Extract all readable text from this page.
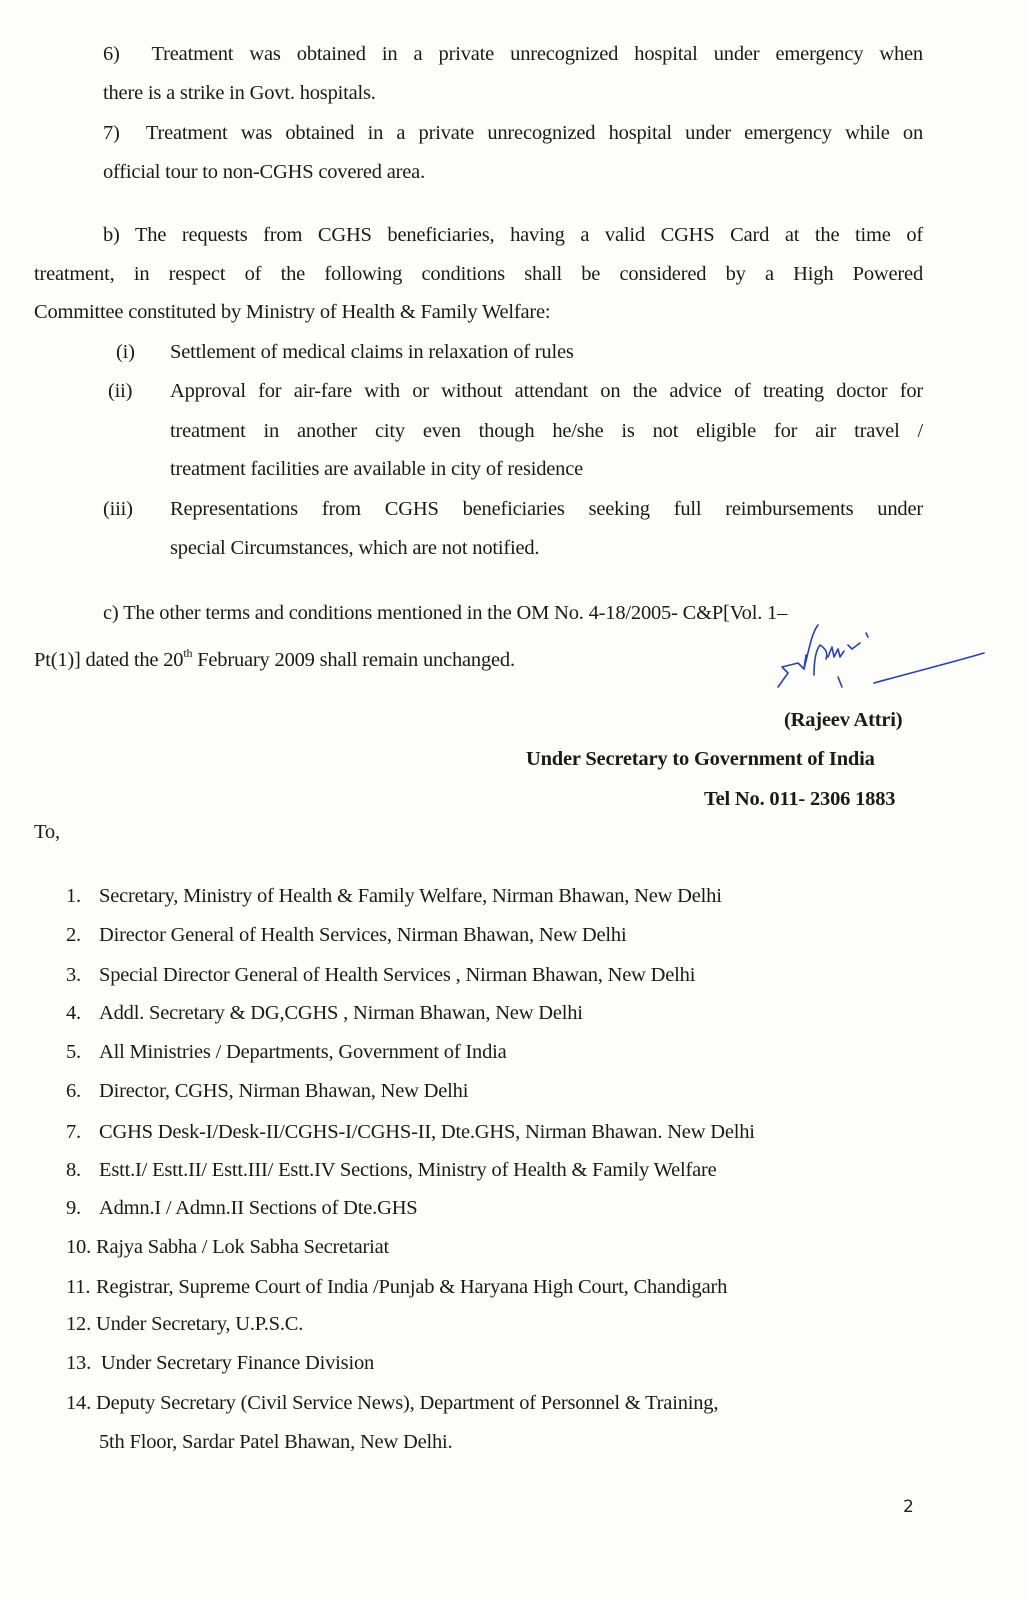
6) Treatment was obtained in a private unrecognized hospital under emergency when
there is a strike in Govt. hospitals.
7) Treatment was obtained in a private unrecognized hospital under emergency while on
official tour to non-CGHS covered area.
b) The requests from CGHS beneficiaries, having a valid CGHS Card at the time of
treatment, in respect of the following conditions shall be considered by a High Powered
Committee constituted by Ministry of Health & Family Welfare:
(i) Settlement of medical claims in relaxation of rules
(ii) Approval for air-fare with or without attendant on the advice of treating doctor for
treatment in another city even though he/she is not eligible for air travel /
treatment facilities are available in city of residence
(iii) Representations from CGHS beneficiaries seeking full reimbursements under
special Circumstances, which are not notified.
c) The other terms and conditions mentioned in the OM No. 4-18/2005- C&P[Vol. 1–
Pt(1)] dated the 20th February 2009 shall remain unchanged.
(Rajeev Attri)
Under Secretary to Government of India
Tel No. 011- 2306 1883
To,
1. Secretary, Ministry of Health & Family Welfare, Nirman Bhawan, New Delhi
2. Director General of Health Services, Nirman Bhawan, New Delhi
3. Special Director General of Health Services , Nirman Bhawan, New Delhi
4. Addl. Secretary & DG,CGHS , Nirman Bhawan, New Delhi
5. All Ministries / Departments, Government of India
6. Director, CGHS, Nirman Bhawan, New Delhi
7. CGHS Desk-I/Desk-II/CGHS-I/CGHS-II, Dte.GHS, Nirman Bhawan. New Delhi
8. Estt.I/ Estt.II/ Estt.III/ Estt.IV Sections, Ministry of Health & Family Welfare
9. Admn.I / Admn.II Sections of Dte.GHS
10. Rajya Sabha / Lok Sabha Secretariat
11. Registrar, Supreme Court of India /Punjab & Haryana High Court, Chandigarh
12. Under Secretary, U.P.S.C.
13. Under Secretary Finance Division
14. Deputy Secretary (Civil Service News), Department of Personnel & Training,
5th Floor, Sardar Patel Bhawan, New Delhi.
2
